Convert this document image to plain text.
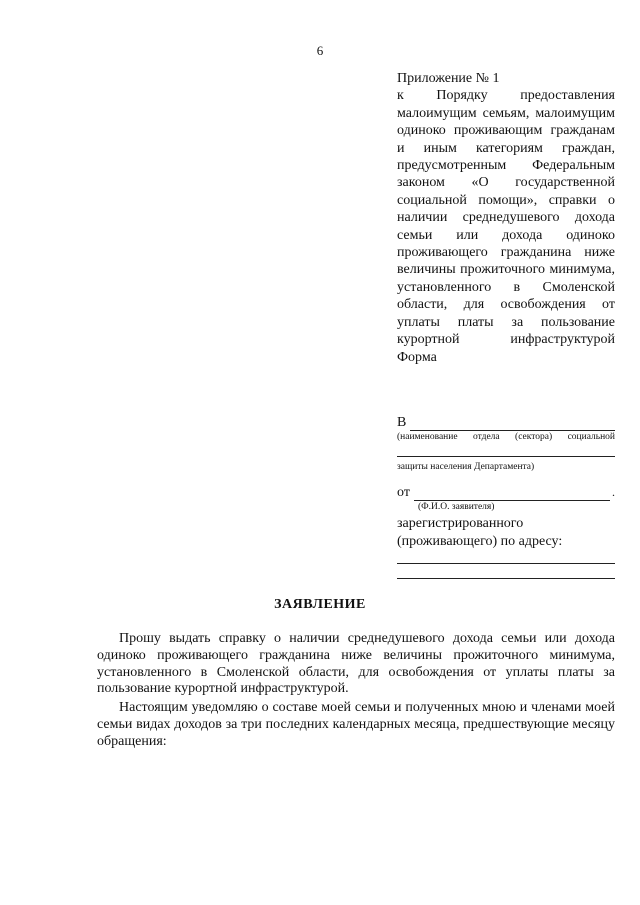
6

Приложение № 1

к Порядку предоставления малоимущим семьям, малоимущим одиноко проживающим гражданам и иным категориям граждан, предусмотренным Федеральным законом «О государственной социальной помощи», справки о наличии среднедушевого дохода семьи или дохода одиноко проживающего гражданина ниже величины прожиточного минимума, установленного в Смоленской области, для освобождения от уплаты платы за пользование курортной инфраструктурой

Форма

В
(наименование отдела (сектора) социальной
защиты населения Департамента)
от	.
(Ф.И.О. заявителя)
зарегистрированного (проживающего) по адресу:
ЗАЯВЛЕНИЕ

Прошу выдать справку о наличии среднедушевого дохода семьи или дохода одиноко проживающего гражданина ниже величины прожиточного минимума, установленного в Смоленской области, для освобождения от уплаты платы за пользование курортной инфраструктурой.

Настоящим уведомляю о составе моей семьи и полученных мною и членами моей семьи видах доходов за три последних календарных месяца, предшествующие месяцу обращения:
